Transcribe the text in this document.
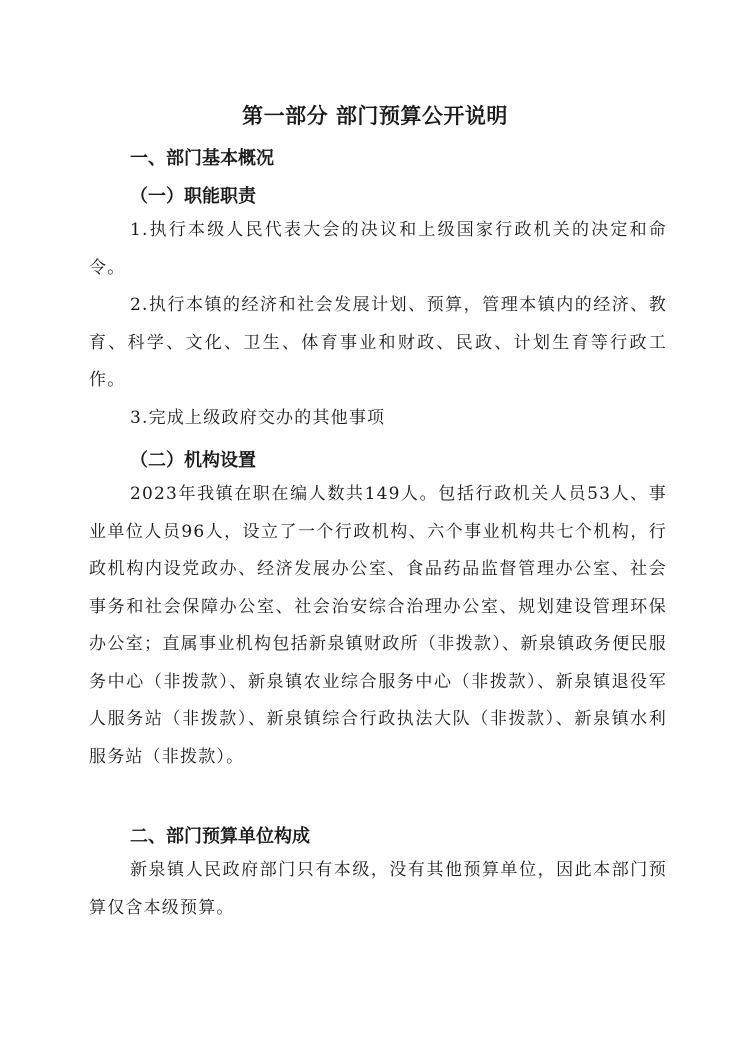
第一部分 部门预算公开说明
一、部门基本概况
（一）职能职责

1.执行本级人民代表大会的决议和上级国家行政机关的决定和命令。

2.执行本镇的经济和社会发展计划、预算，管理本镇内的经济、教育、科学、文化、卫生、体育事业和财政、民政、计划生育等行政工作。

3.完成上级政府交办的其他事项

（二）机构设置

2023年我镇在职在编人数共149人。包括行政机关人员53人、事业单位人员96人，设立了一个行政机构、六个事业机构共七个机构，行政机构内设党政办、经济发展办公室、食品药品监督管理办公室、社会事务和社会保障办公室、社会治安综合治理办公室、规划建设管理环保办公室；直属事业机构包括新泉镇财政所（非拨款）、新泉镇政务便民服务中心（非拨款）、新泉镇农业综合服务中心（非拨款）、新泉镇退役军人服务站（非拨款）、新泉镇综合行政执法大队（非拨款）、新泉镇水利服务站（非拨款）。

二、部门预算单位构成

新泉镇人民政府部门只有本级，没有其他预算单位，因此本部门预算仅含本级预算。
